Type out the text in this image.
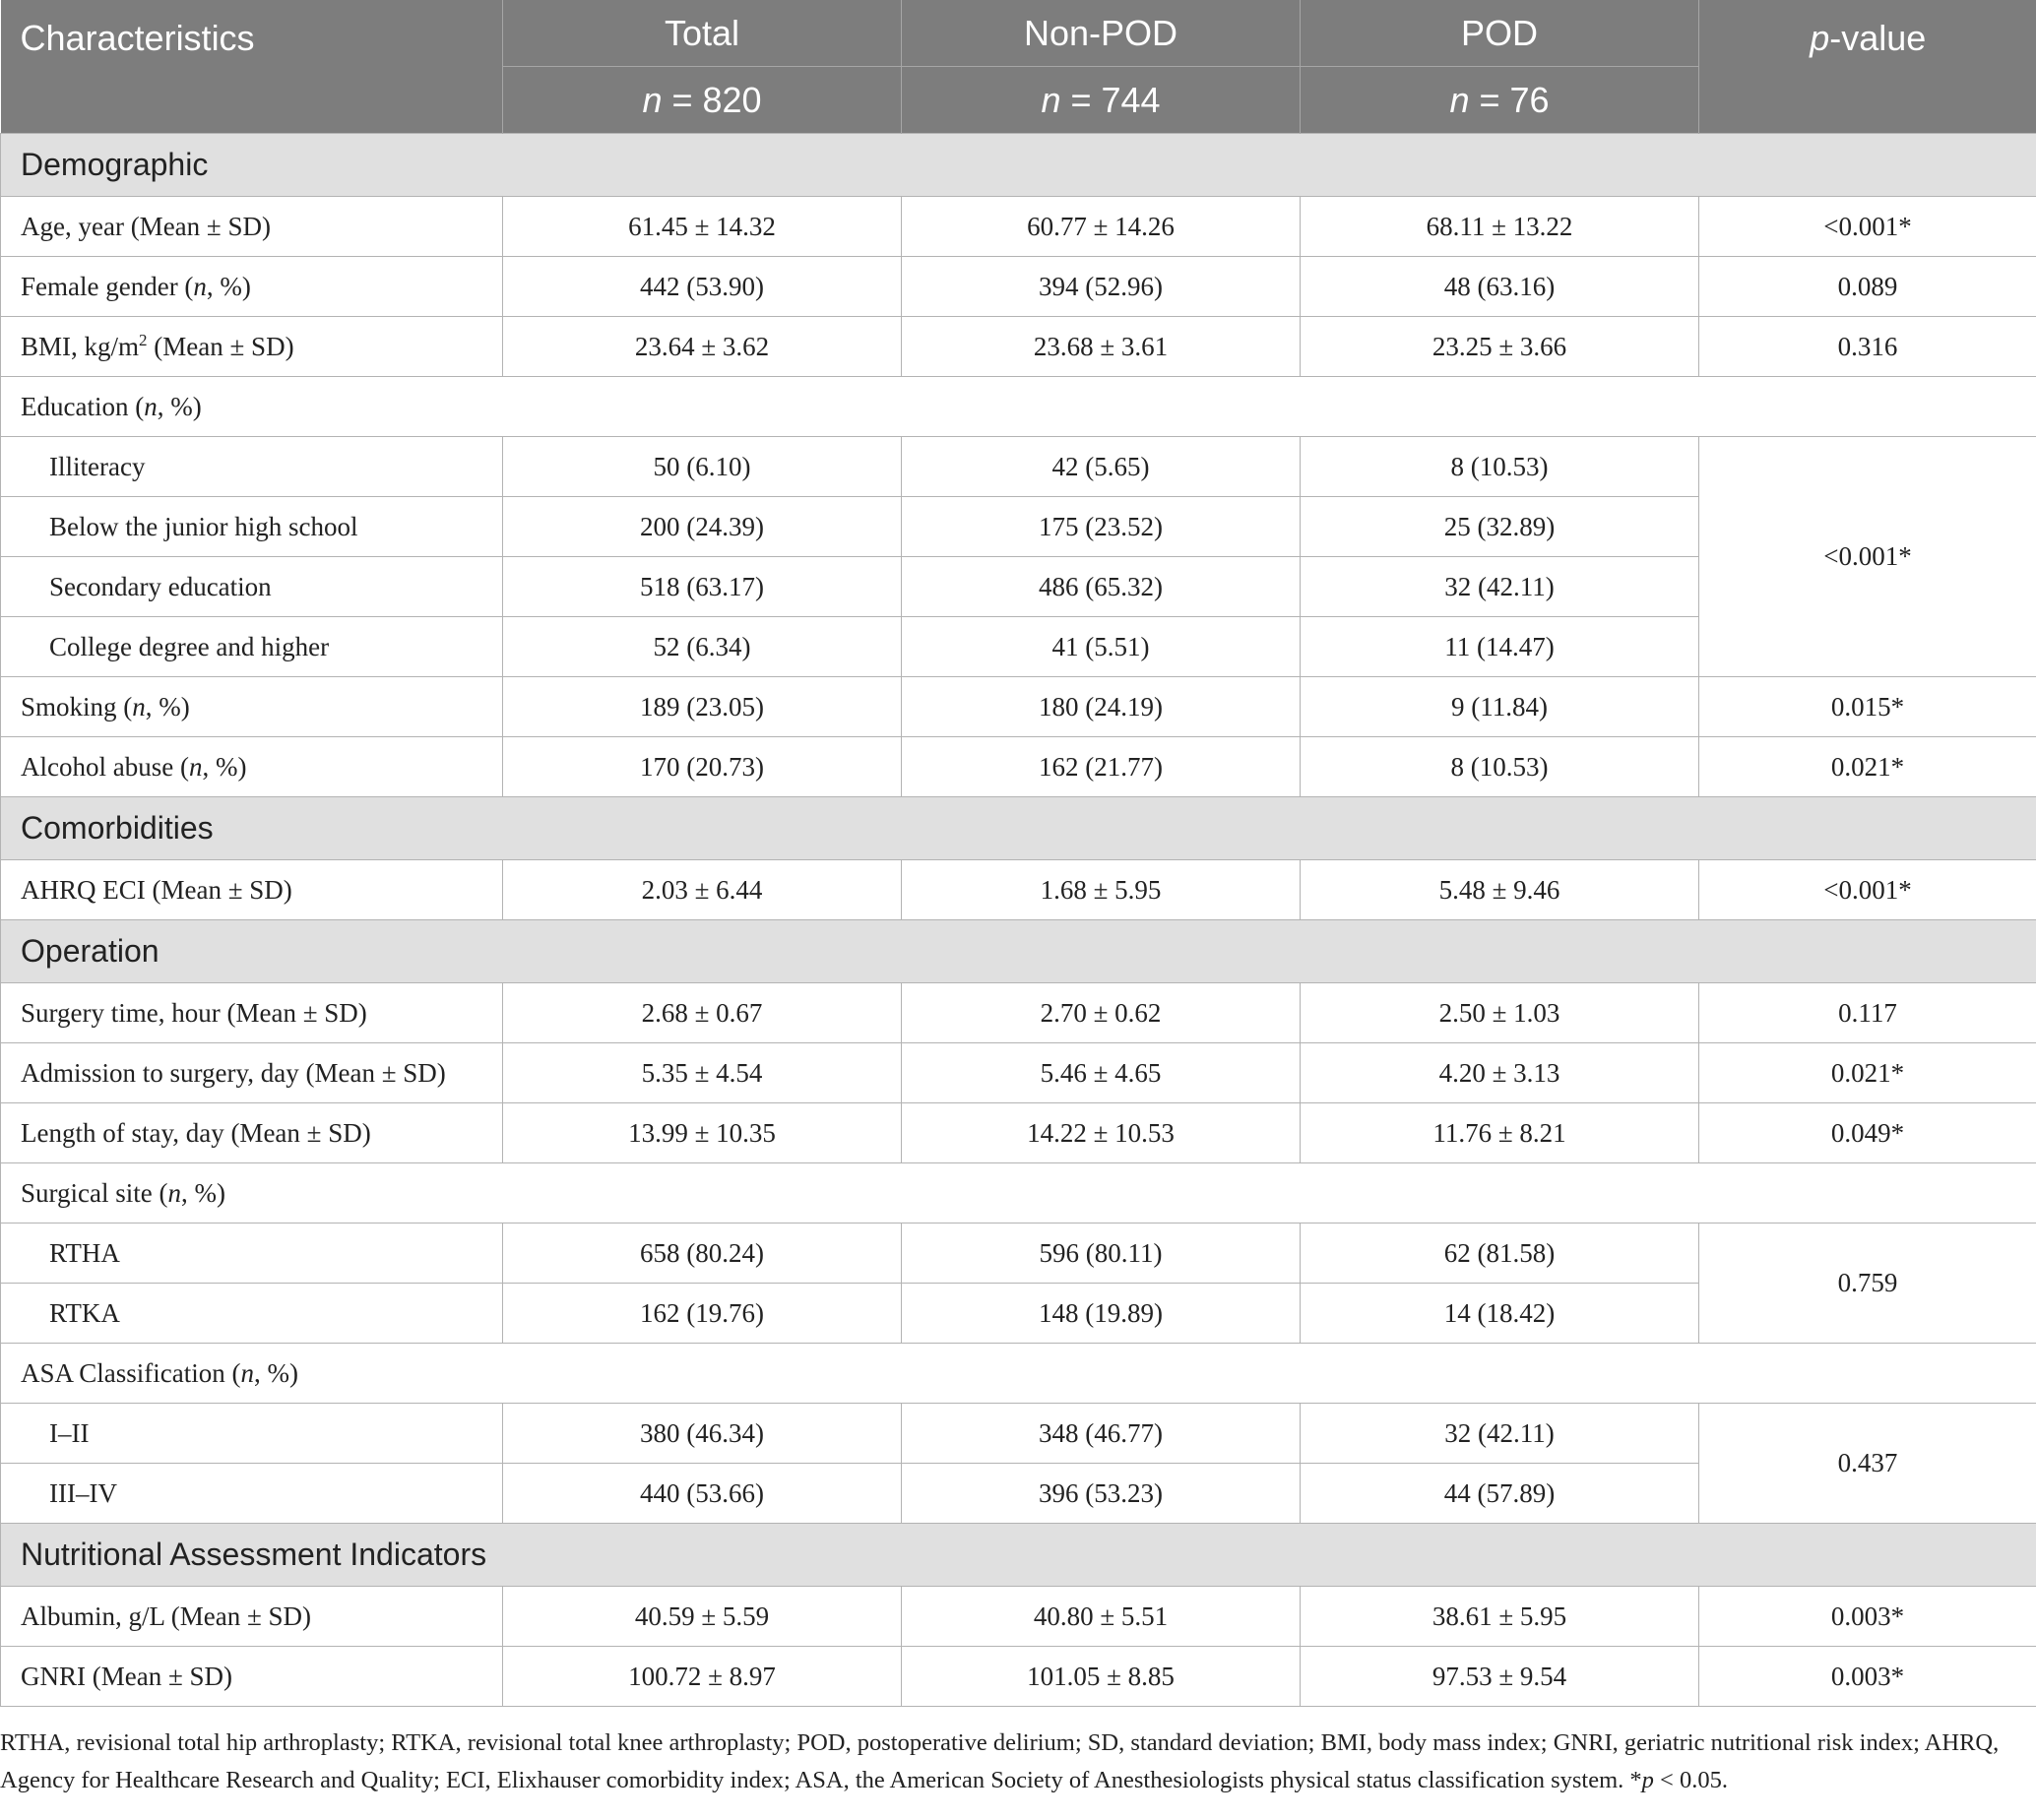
Characteristics	Total	Non-POD	POD	p-value
	n = 820	n = 744	n = 76	
Demographic				
Age, year (Mean ± SD)	61.45 ± 14.32	60.77 ± 14.26	68.11 ± 13.22	<0.001*
Female gender (n, %)	442 (53.90)	394 (52.96)	48 (63.16)	0.089
BMI, $kg/m^2$ (Mean ± SD)	23.64 ± 3.62	23.68 ± 3.61	23.25 ± 3.66	0.316
Education (n, %)				
Illiteracy	50 (6.10)	42 (5.65)	8 (10.53)	<0.001*
Below the junior high school	200 (24.39)	175 (23.52)	25 (32.89)	
Secondary education	518 (63.17)	486 (65.32)	32 (42.11)	
College degree and higher	52 (6.34)	41 (5.51)	11 (14.47)	
Smoking (n, %)	189 (23.05)	180 (24.19)	9 (11.84)	0.015*
Alcohol abuse (n, %)	170 (20.73)	162 (21.77)	8 (10.53)	0.021*
Comorbidities				
AHRQ ECI (Mean ± SD)	2.03 ± 6.44	1.68 ± 5.95	5.48 ± 9.46	<0.001*
Operation				
Surgery time, hour (Mean ± SD)	2.68 ± 0.67	2.70 ± 0.62	2.50 ± 1.03	0.117
Admission to surgery, day (Mean ± SD)	5.35 ± 4.54	5.46 ± 4.65	4.20 ± 3.13	0.021*
Length of stay, day (Mean ± SD)	13.99 ± 10.35	14.22 ± 10.53	11.76 ± 8.21	0.049*
Surgical site (n, %)				
RTHA	658 (80.24)	596 (80.11)	62 (81.58)	0.759
RTKA	162 (19.76)	148 (19.89)	14 (18.42)	
ASA Classification (n, %)				
I–II	380 (46.34)	348 (46.77)	32 (42.11)	0.437
III–IV	440 (53.66)	396 (53.23)	44 (57.89)	
Nutritional Assessment Indicators				
Albumin, g/L (Mean ± SD)	40.59 ± 5.59	40.80 ± 5.51	38.61 ± 5.95	0.003*
GNRI (Mean ± SD)	100.72 ± 8.97	101.05 ± 8.85	97.53 ± 9.54	0.003*
RTHA, revisional total hip arthroplasty; RTKA, revisional total knee arthroplasty; POD, postoperative delirium; SD, standard deviation; BMI, body mass index; GNRI, geriatric nutritional risk index; AHRQ, Agency for Healthcare Research and Quality; ECI, Elixhauser comorbidity index; ASA, the American Society of Anesthesiologists physical status classification system. *p < 0.05.
